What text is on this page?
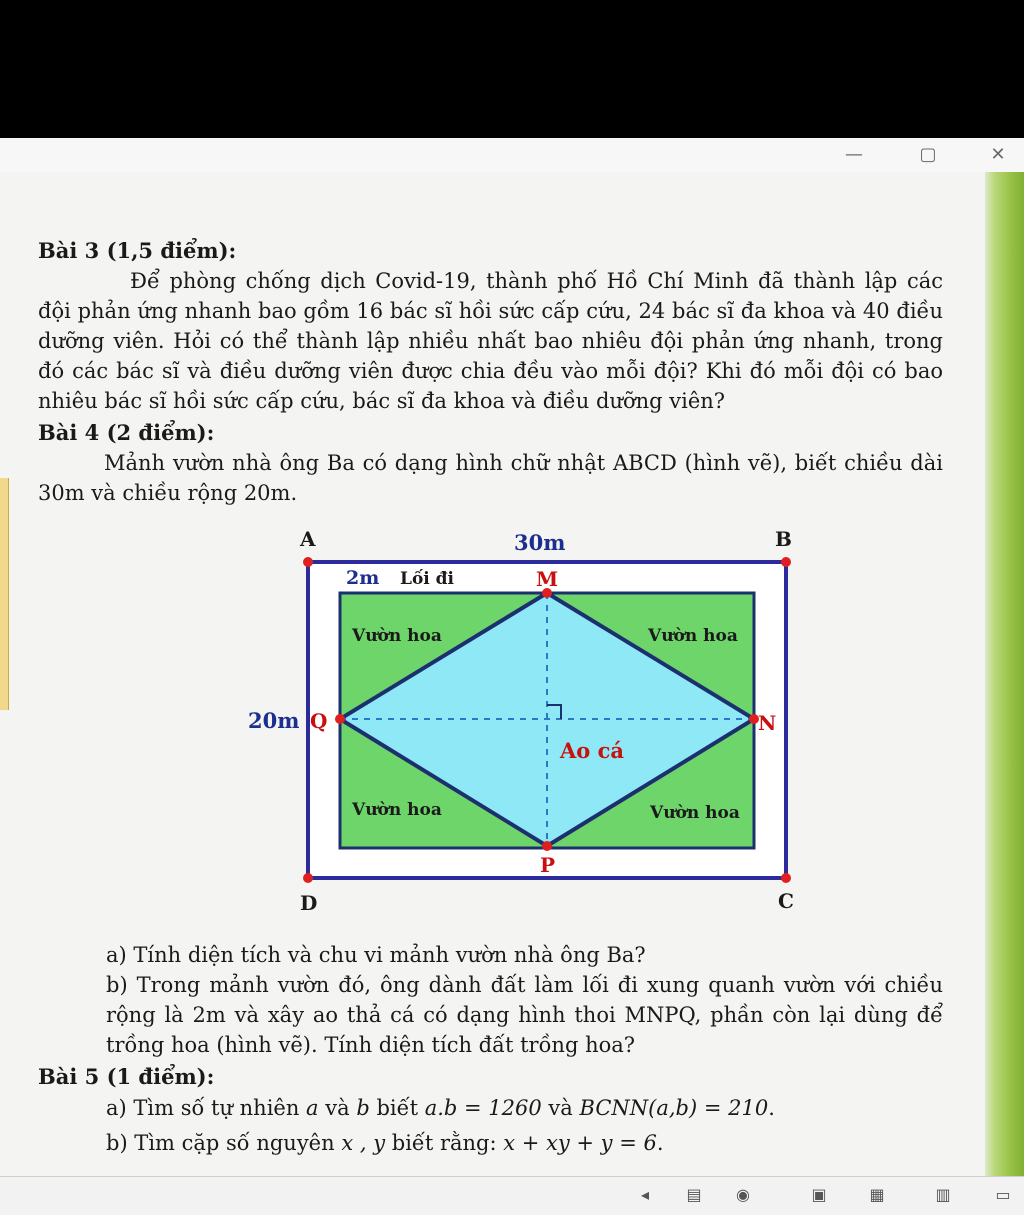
—	▢	✕
Bài 3 (1,5 điểm):
Để phòng chống dịch Covid-19, thành phố Hồ Chí Minh đã thành lập các đội phản ứng nhanh bao gồm 16 bác sĩ hồi sức cấp cứu, 24 bác sĩ đa khoa và 40 điều dưỡng viên. Hỏi có thể thành lập nhiều nhất bao nhiêu đội phản ứng nhanh, trong đó các bác sĩ và điều dưỡng viên được chia đều vào mỗi đội? Khi đó mỗi đội có bao nhiêu bác sĩ hồi sức cấp cứu, bác sĩ đa khoa và điều dưỡng viên?
Bài 4 (2 điểm):
Mảnh vườn nhà ông Ba có dạng hình chữ nhật ABCD (hình vẽ), biết chiều dài 30m và chiều rộng 20m.
A	B
C
D
30m
20m
2m Lối đi	M
N
P
Q
Vườn hoa	Vườn hoa
Vườn hoa	Vườn hoa
Ao cá
a) Tính diện tích và chu vi mảnh vườn nhà ông Ba?
b) Trong mảnh vườn đó, ông dành đất làm lối đi xung quanh vườn với chiều rộng là 2m và xây ao thả cá có dạng hình thoi MNPQ, phần còn lại dùng để trồng hoa (hình vẽ). Tính diện tích đất trồng hoa?
Bài 5 (1 điểm):
a) Tìm số tự nhiên a và b biết a.b = 1260 và BCNN(a,b) = 210.
b) Tìm cặp số nguyên x , y biết rằng: x + xy + y = 6.
◂	▤ ◉	▣	▦	▥	▭
